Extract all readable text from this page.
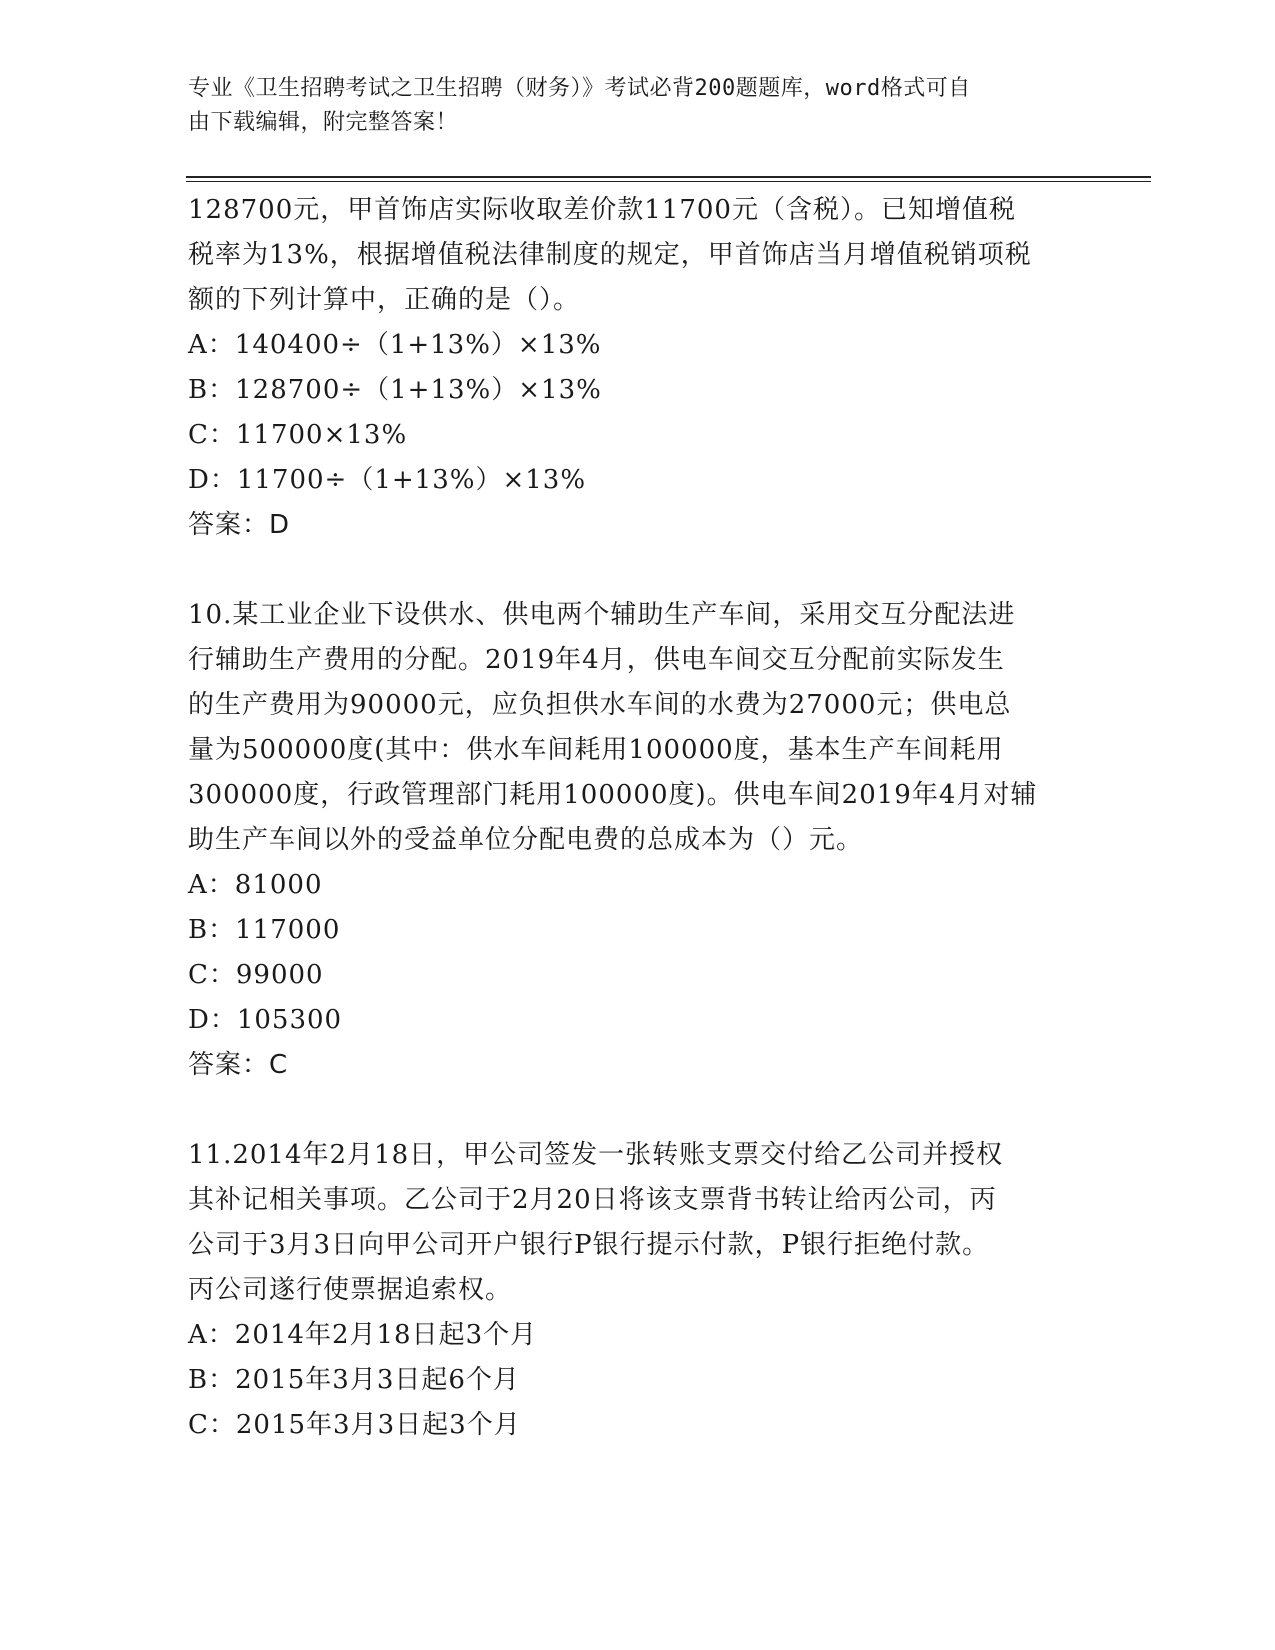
专业《卫生招聘考试之卫生招聘（财务）》考试必背200题题库，word格式可自
由下载编辑，附完整答案！

128700元，甲首饰店实际收取差价款11700元（含税）。已知增值税

税率为13%，根据增值税法律制度的规定，甲首饰店当月增值税销项税

额的下列计算中，正确的是（）。

A：140400÷（1+13%）×13%

B：128700÷（1+13%）×13%

C：11700×13%

D：11700÷（1+13%）×13%

答案：D

10.某工业企业下设供水、供电两个辅助生产车间，采用交互分配法进

行辅助生产费用的分配。2019年4月，供电车间交互分配前实际发生

的生产费用为90000元，应负担供水车间的水费为27000元；供电总

量为500000度(其中：供水车间耗用100000度，基本生产车间耗用

300000度，行政管理部门耗用100000度)。供电车间2019年4月对辅

助生产车间以外的受益单位分配电费的总成本为（）元。

A：81000

B：117000

C：99000

D：105300

答案：C

11.2014年2月18日，甲公司签发一张转账支票交付给乙公司并授权

其补记相关事项。乙公司于2月20日将该支票背书转让给丙公司，丙

公司于3月3日向甲公司开户银行P银行提示付款，P银行拒绝付款。

丙公司遂行使票据追索权。

A：2014年2月18日起3个月

B：2015年3月3日起6个月

C：2015年3月3日起3个月
